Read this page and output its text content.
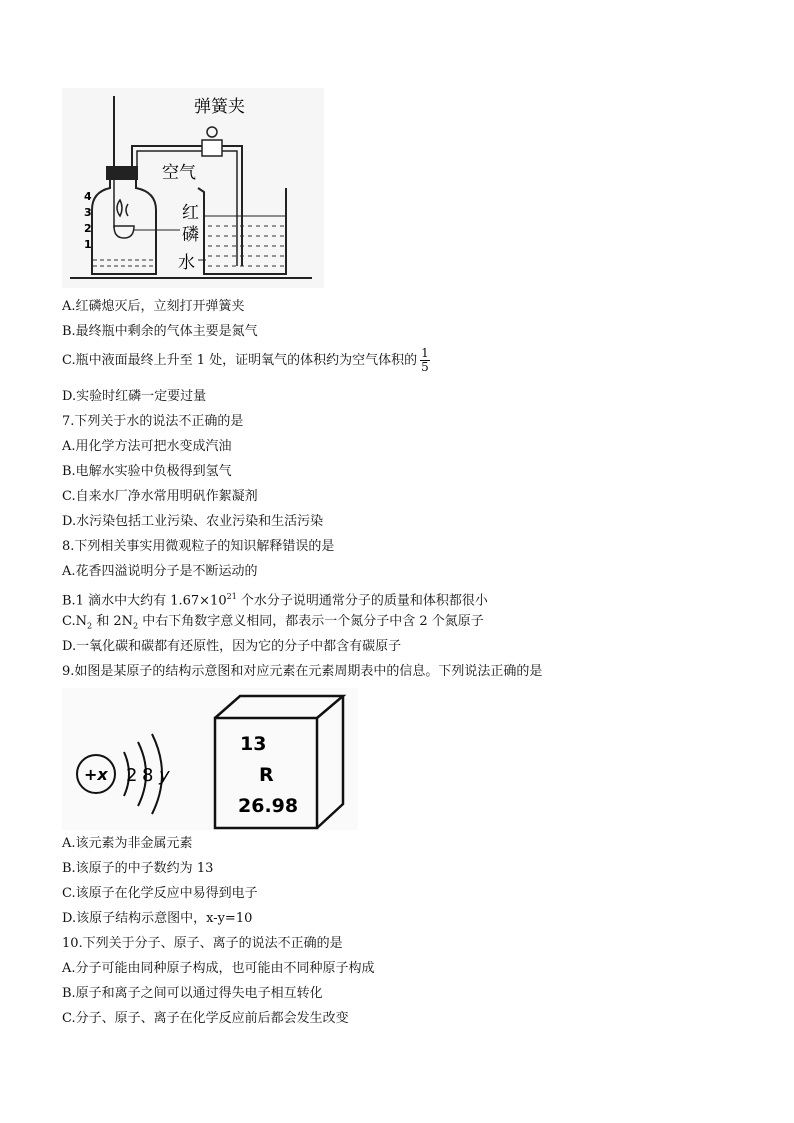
4
3
2
1
弹簧夹
空气
红
磷
水
A.红磷熄灭后，立刻打开弹簧夹
B.最终瓶中剩余的气体主要是氮气
C.瓶中液面最终上升至 1 处，证明氧气的体积约为空气体积的 $\frac{1}{5}$
D.实验时红磷一定要过量
7.下列关于水的说法不正确的是
A.用化学方法可把水变成汽油
B.电解水实验中负极得到氢气
C.自来水厂净水常用明矾作絮凝剂
D.水污染包括工业污染、农业污染和生活污染
8.下列相关事实用微观粒子的知识解释错误的是
A.花香四溢说明分子是不断运动的
B.1 滴水中大约有 $1.67\times 10^{21}$ 个水分子说明通常分子的质量和体积都很小
$C.N_2$ 和 $2N_2$ 中右下角数字意义相同，都表示一个氮分子中含 2 个氮原子
D.一氧化碳和碳都有还原性，因为它的分子中都含有碳原子
9.如图是某原子的结构示意图和对应元素在元素周期表中的信息。下列说法正确的是
+x 2 8 y
13
R
26.98
A.该元素为非金属元素
B.该原子的中子数约为 13
C.该原子在化学反应中易得到电子
D.该原子结构示意图中，x-y=10
10.下列关于分子、原子、离子的说法不正确的是
A.分子可能由同种原子构成，也可能由不同种原子构成
B.原子和离子之间可以通过得失电子相互转化
C.分子、原子、离子在化学反应前后都会发生改变
